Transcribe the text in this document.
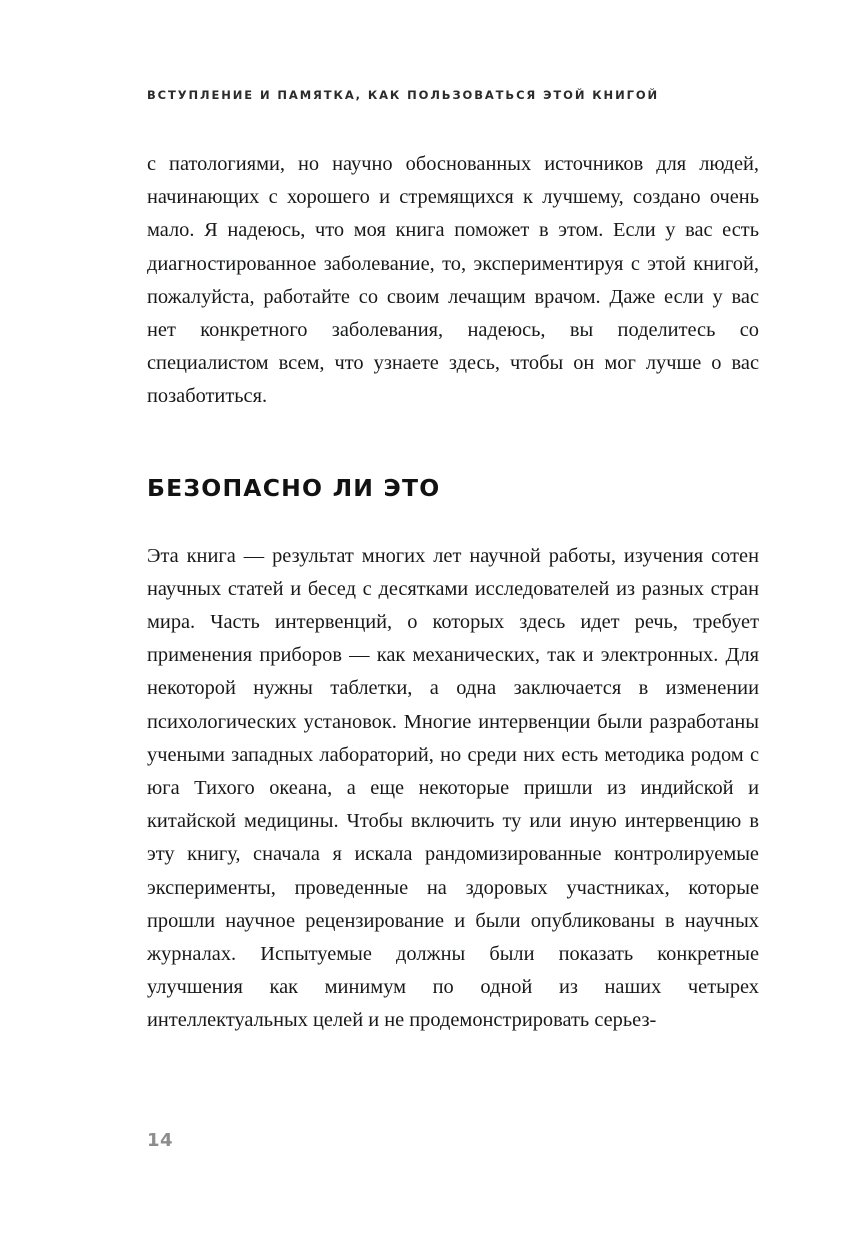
ВСТУПЛЕНИЕ И ПАМЯТКА, КАК ПОЛЬЗОВАТЬСЯ ЭТОЙ КНИГОЙ

с патологиями, но научно обоснованных источников для людей, начинающих с хорошего и стремящихся к лучшему, создано очень мало. Я надеюсь, что моя книга поможет в этом. Если у вас есть диагностированное заболевание, то, экспериментируя с этой книгой, пожалуйста, работайте со своим лечащим врачом. Даже если у вас нет конкретного заболевания, надеюсь, вы поделитесь со специалистом всем, что узнаете здесь, чтобы он мог лучше о вас позаботиться.

БЕЗОПАСНО ЛИ ЭТО

Эта книга — результат многих лет научной работы, изучения сотен научных статей и бесед с десятками исследователей из разных стран мира. Часть интервенций, о которых здесь идет речь, требует применения приборов — как механических, так и электронных. Для некоторой нужны таблетки, а одна заключается в изменении психологических установок. Многие интервенции были разработаны учеными западных лабораторий, но среди них есть методика родом с юга Тихого океана, а еще некоторые пришли из индийской и китайской медицины. Чтобы включить ту или иную интервенцию в эту книгу, сначала я искала рандомизированные контролируемые эксперименты, проведенные на здоровых участниках, которые прошли научное рецензирование и были опубликованы в научных журналах. Испытуемые должны были показать конкретные улучшения как минимум по одной из наших четырех интеллектуальных целей и не продемонстрировать серьез-

14
